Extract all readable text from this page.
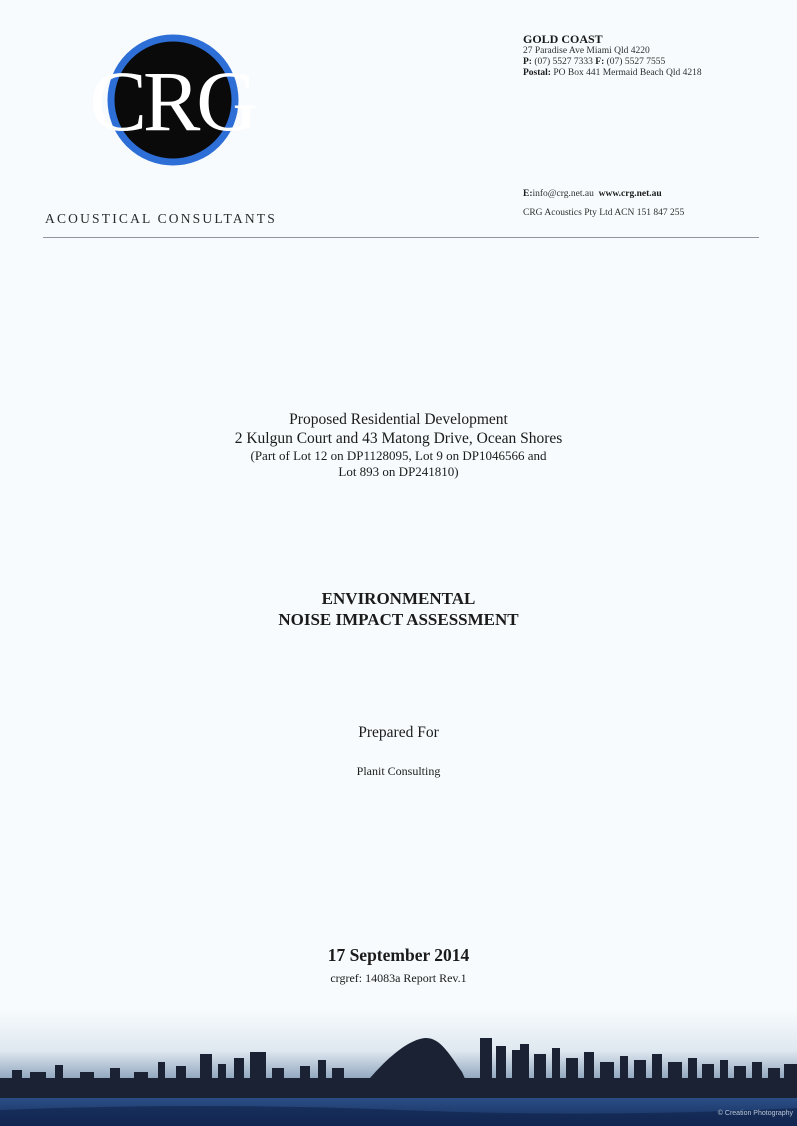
CRG
ACOUSTICAL CONSULTANTS
GOLD COAST
27 Paradise Ave Miami Qld 4220
P: (07) 5527 7333 F: (07) 5527 7555
Postal: PO Box 441 Mermaid Beach Qld 4218
E:info@crg.net.au www.crg.net.au
CRG Acoustics Pty Ltd ACN 151 847 255
Proposed Residential Development
2 Kulgun Court and 43 Matong Drive, Ocean Shores
(Part of Lot 12 on DP1128095, Lot 9 on DP1046566 and
Lot 893 on DP241810)
ENVIRONMENTAL
NOISE IMPACT ASSESSMENT
Prepared For
Planit Consulting
17 September 2014
crgref: 14083a Report Rev.1
© Creation Photography
